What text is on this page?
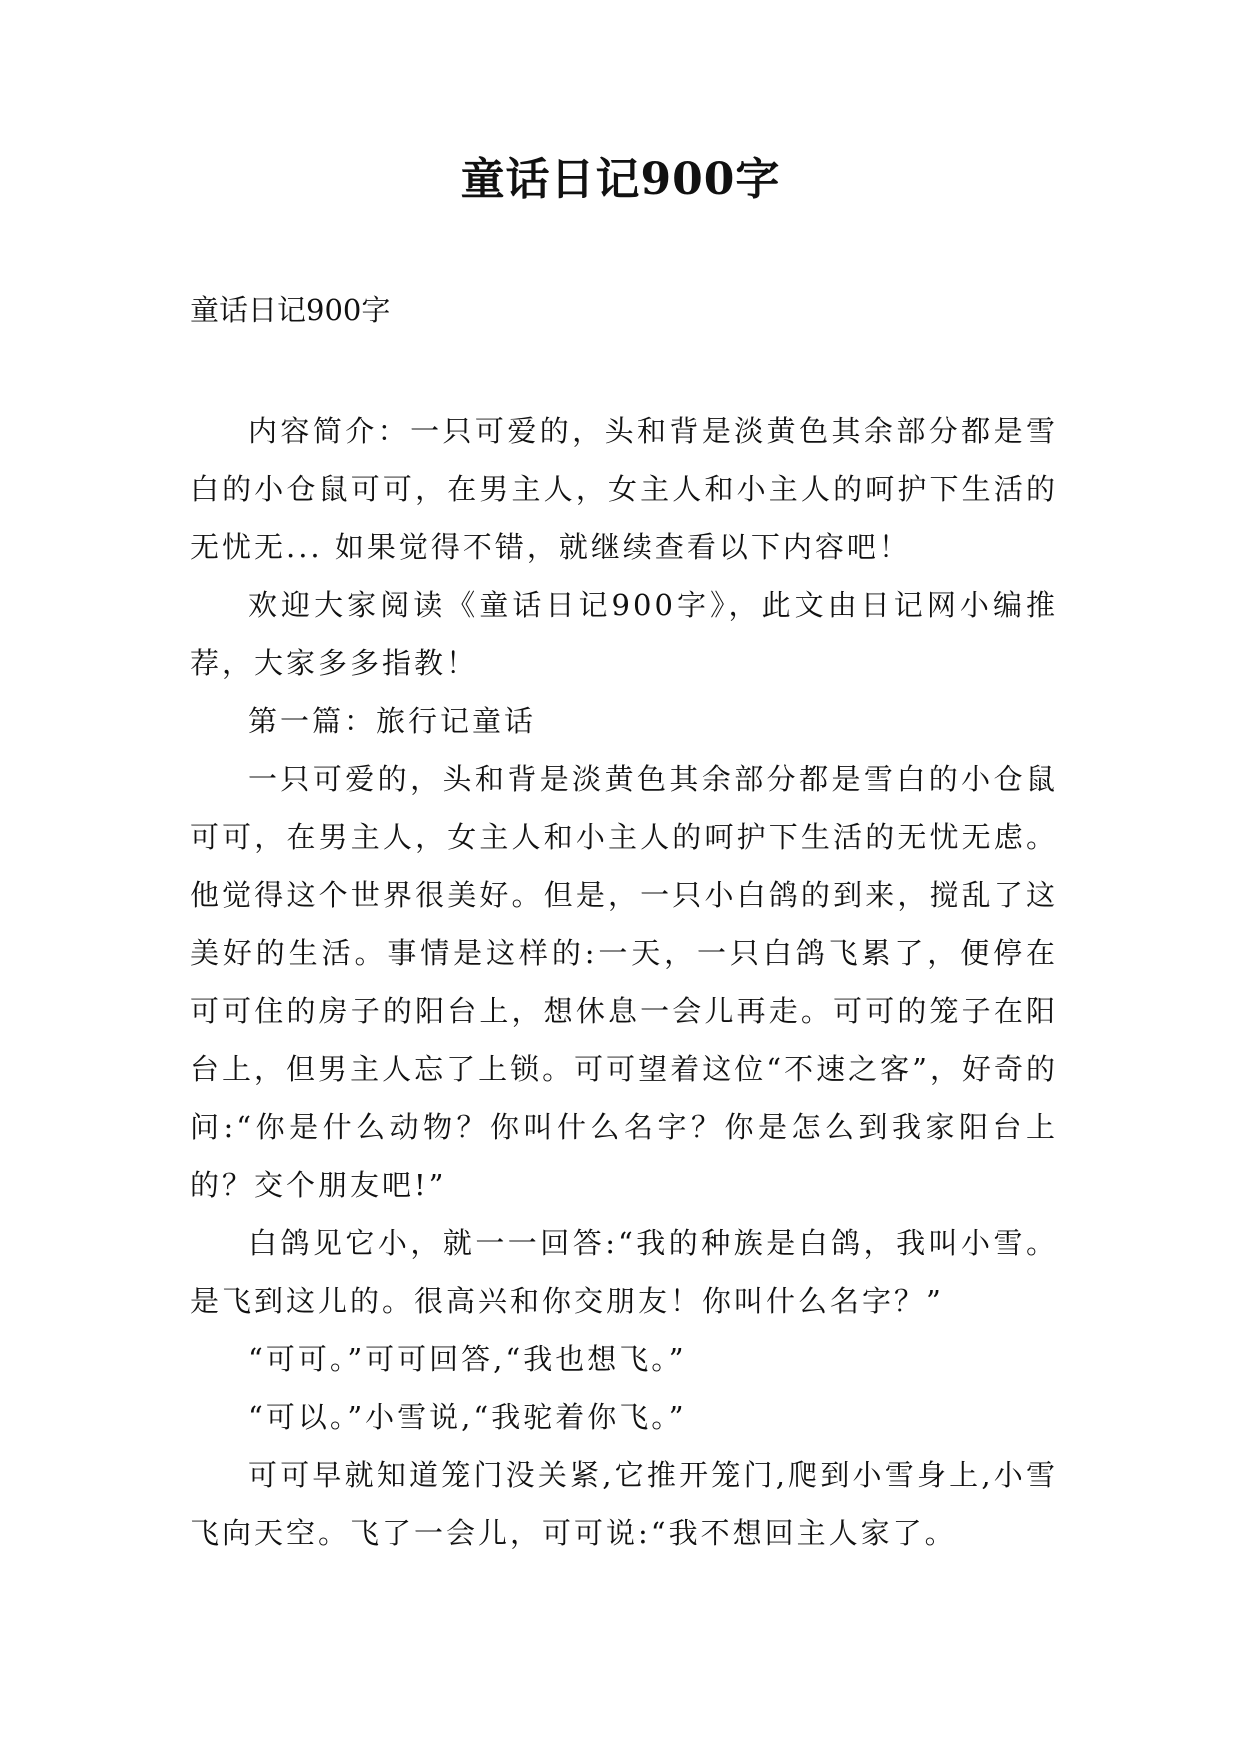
童话日记900字
童话日记900字

内容简介：一只可爱的，头和背是淡黄色其余部分都是雪白的小仓鼠可可，在男主人，女主人和小主人的呵护下生活的无忧无... 如果觉得不错，就继续查看以下内容吧！

欢迎大家阅读《童话日记900字》，此文由日记网小编推荐，大家多多指教！

第一篇：旅行记童话

一只可爱的，头和背是淡黄色其余部分都是雪白的小仓鼠可可，在男主人，女主人和小主人的呵护下生活的无忧无虑。他觉得这个世界很美好。但是，一只小白鸽的到来，搅乱了这美好的生活。事情是这样的:一天，一只白鸽飞累了，便停在可可住的房子的阳台上，想休息一会儿再走。可可的笼子在阳台上，但男主人忘了上锁。可可望着这位“不速之客”，好奇的问:“你是什么动物？你叫什么名字？你是怎么到我家阳台上的？交个朋友吧!”

白鸽见它小，就一一回答:“我的种族是白鸽，我叫小雪。是飞到这儿的。很高兴和你交朋友！你叫什么名字？”

“可可。”可可回答,“我也想飞。”

“可以。”小雪说,“我驼着你飞。”

可可早就知道笼门没关紧,它推开笼门,爬到小雪身上,小雪飞向天空。飞了一会儿，可可说:“我不想回主人家了。
